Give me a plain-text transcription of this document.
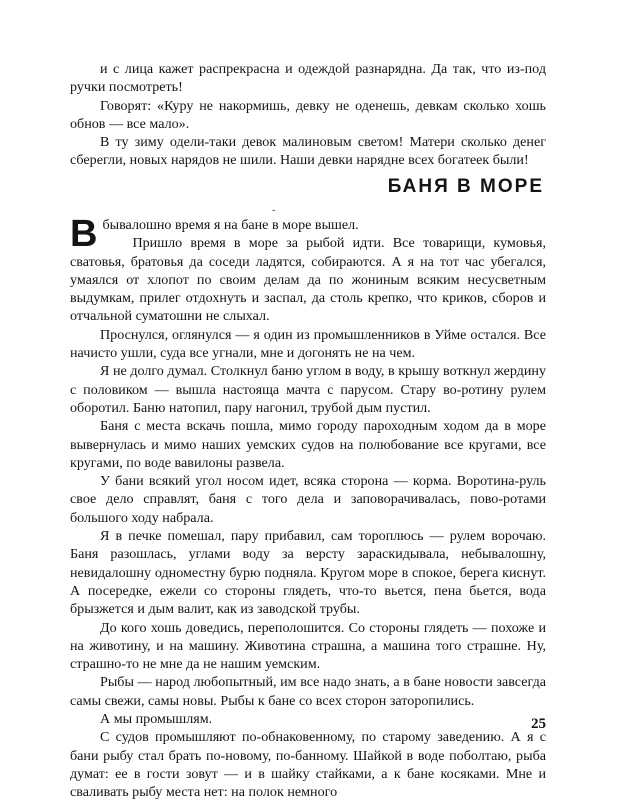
и с лица кажет распрекрасна и одеждой разнарядна. Да так, что из-под ручки посмотреть!

Говорят: «Куру не накормишь, девку не оденешь, девкам сколько хошь обнов — все мало».

В ту зиму одели-таки девок малиновым светом! Матери сколько денег сберегли, новых нарядов не шили. Наши девки нарядне всех богатеек были!

БАНЯ В МОРЕ
˘

Вбывалошно время я на бане в море вышел.

Пришло время в море за рыбой идти. Все товарищи, кумовья, сватовья, братовья да соседи ладятся, собираются. А я на тот час убегался, умаялся от хлопот по своим делам да по жониным всяким несусветным выдумкам, прилег отдохнуть и заспал, да столь крепко, что криков, сборов и отчальной суматошни не слыхал.

Проснулся, оглянулся — я один из промышленников в Уйме остался. Все начисто ушли, суда все угнали, мне и догонять не на чем.

Я не долго думал. Столкнул баню углом в воду, в крышу воткнул жердину с половиком — вышла настояща мачта с парусом. Стару во-ротину рулем оборотил. Баню натопил, пару нагонил, трубой дым пустил.

Баня с места вскачь пошла, мимо городу пароходным ходом да в море вывернулась и мимо наших уемских судов на полюбование все кругами, все кругами, по воде вавилоны развела.

У бани всякий угол носом идет, всяка сторона — корма. Воротина-руль свое дело справлят, баня с того дела и заповорачивалась, пово-ротами большого ходу набрала.

Я в печке помешал, пару прибавил, сам тороплюсь — рулем ворочаю. Баня разошлась, углами воду за версту зараскидывала, небывалошну, невидалошну одноместну бурю подняла. Кругом море в спокое, берега киснут. А посередке, ежели со стороны глядеть, что-то вьется, пена бьется, вода брызжется и дым валит, как из заводской трубы.

До кого хошь доведись, переполошится. Со стороны глядеть — похоже и на животину, и на машину. Животина страшна, а машина того страшне. Ну, страшно-то не мне да не нашим уемским.

Рыбы — народ любопытный, им все надо знать, а в бане новости завсегда самы свежи, самы новы. Рыбы к бане со всех сторон заторопились.

А мы промышлям.

С судов промышляют по-обнаковенному, по старому заведению. А я с бани рыбу стал брать по-новому, по-банному. Шайкой в воде поболтаю, рыба думат: ее в гости зовут — и в шайку стайками, а к бане косяками. Мне и сваливать рыбу места нет: на полок немного

25
